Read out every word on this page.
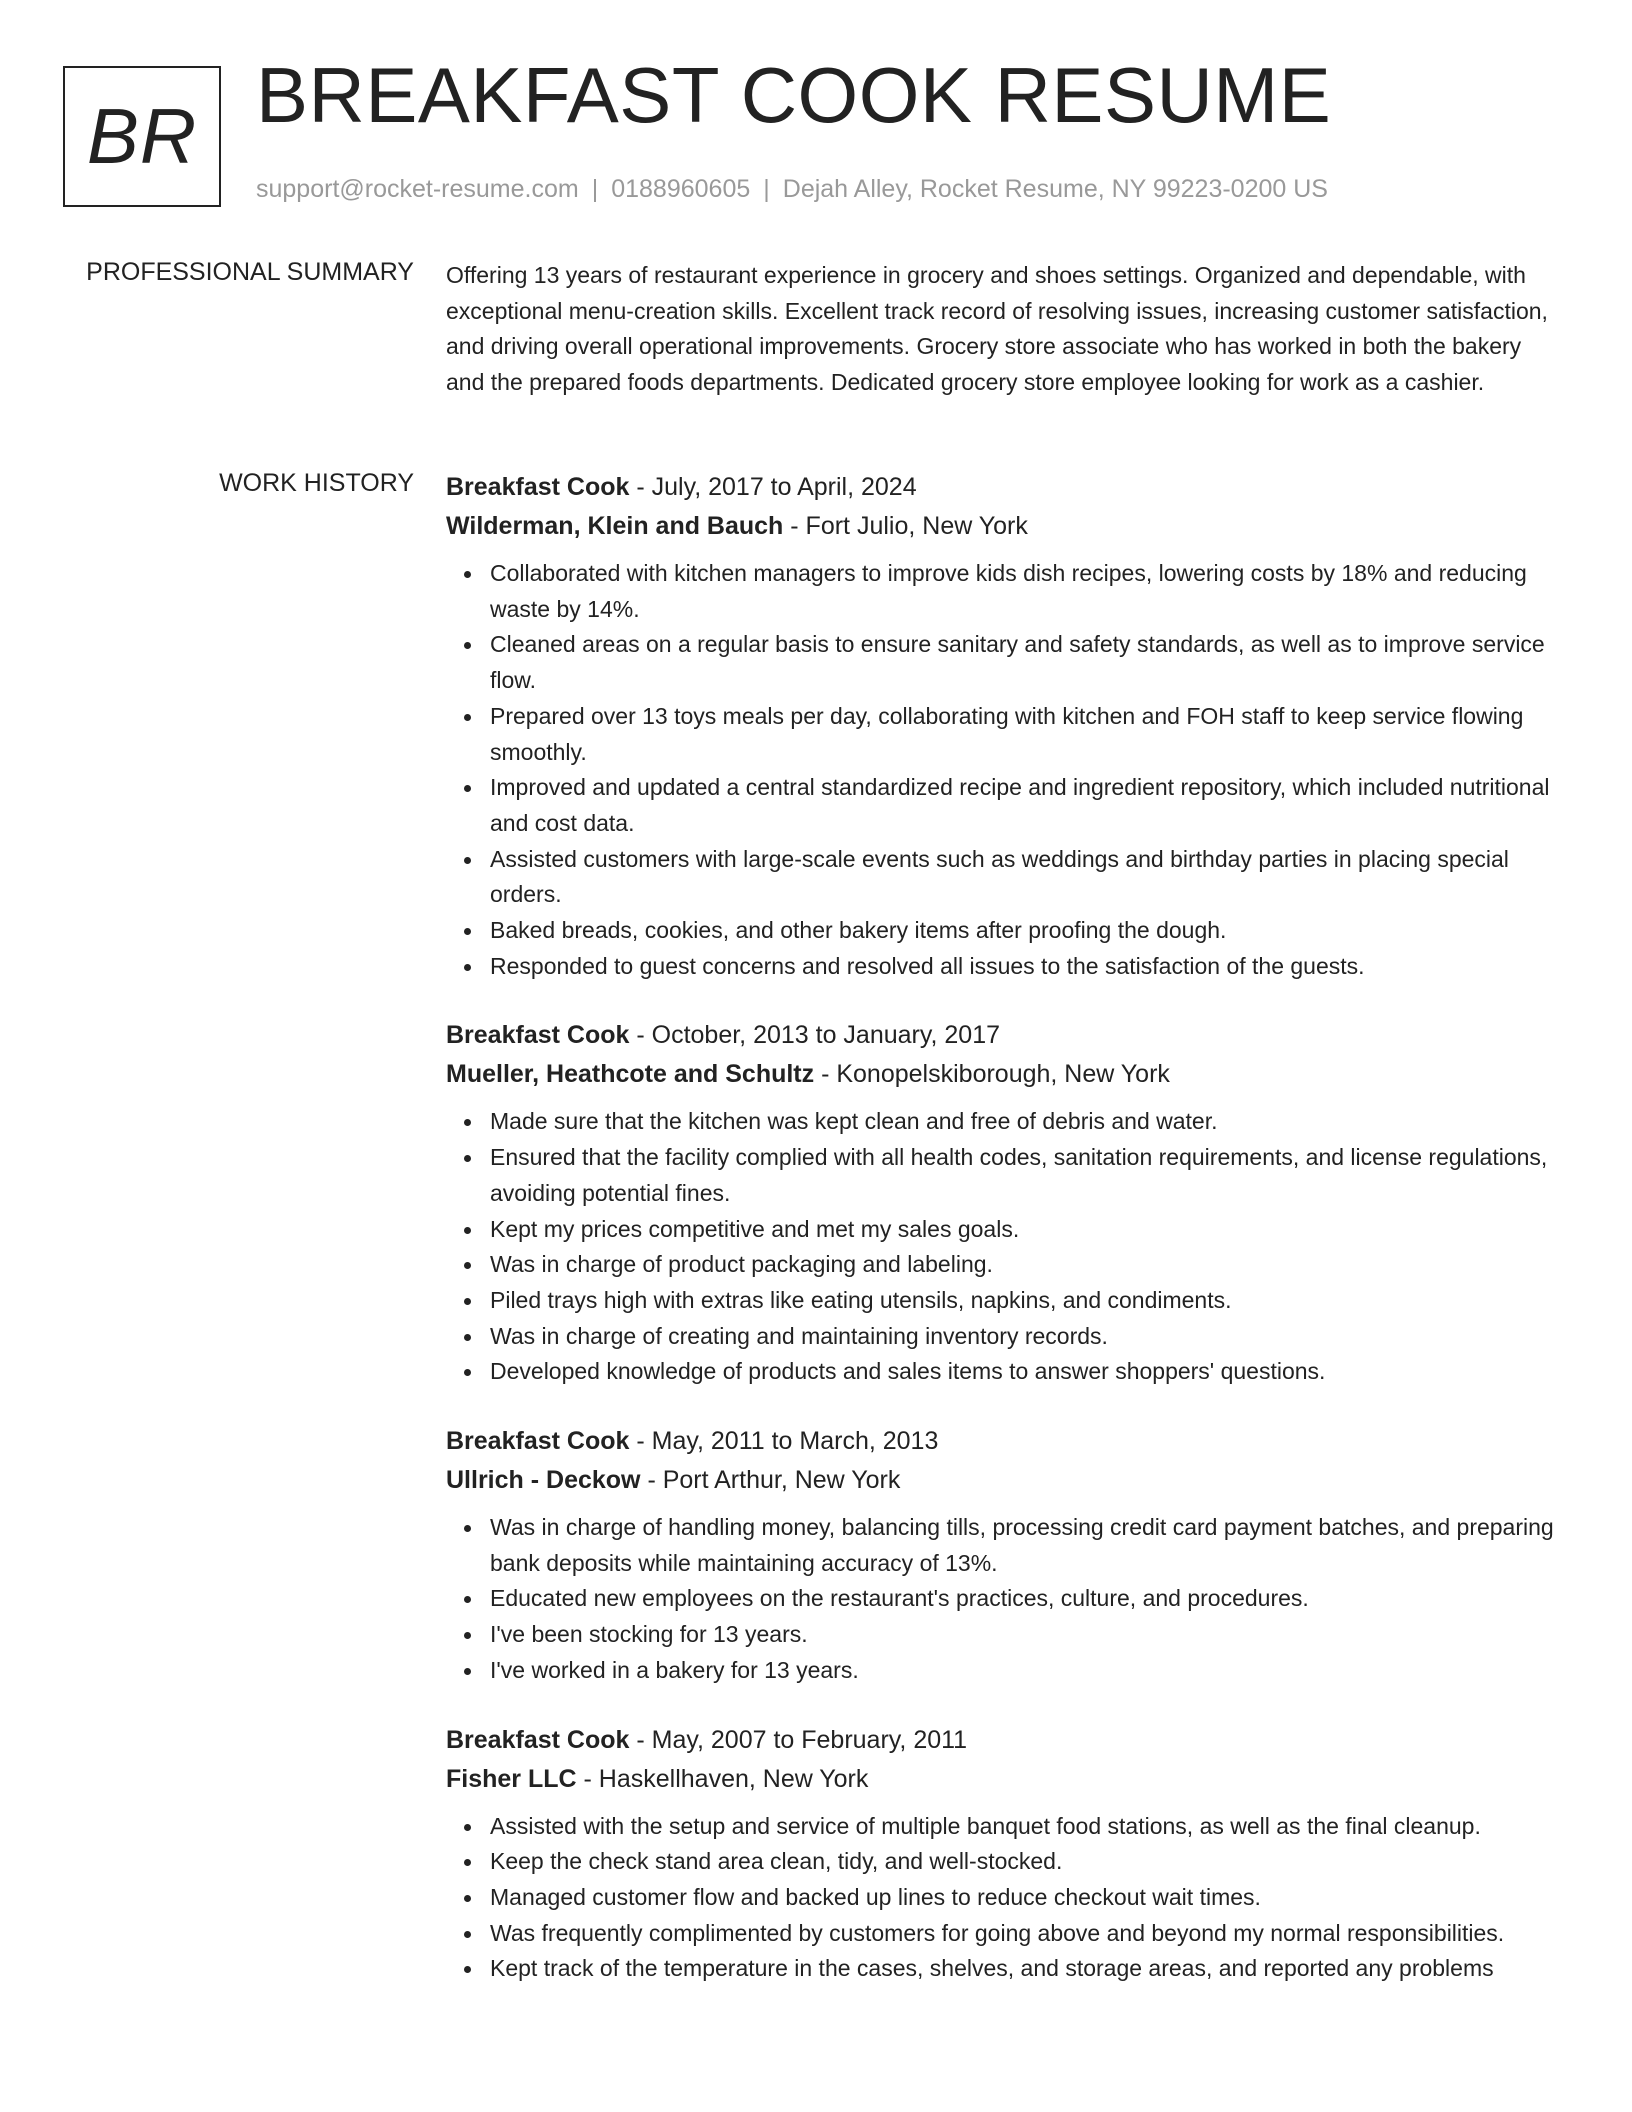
BR BREAKFAST COOK RESUME
support@rocket-resume.com | 0188960605 | Dejah Alley, Rocket Resume, NY 99223-0200 US
PROFESSIONAL SUMMARY Offering 13 years of restaurant experience in grocery and shoes settings. Organized and dependable, with exceptional menu-creation skills. Excellent track record of resolving issues, increasing customer satisfaction, and driving overall operational improvements. Grocery store associate who has worked in both the bakery and the prepared foods departments. Dedicated grocery store employee looking for work as a cashier.

WORK HISTORY Breakfast Cook - July, 2017 to April, 2024
Wilderman, Klein and Bauch - Fort Julio, New York
Collaborated with kitchen managers to improve kids dish recipes, lowering costs by 18% and reducing waste by 14%.
Cleaned areas on a regular basis to ensure sanitary and safety standards, as well as to improve service flow.
Prepared over 13 toys meals per day, collaborating with kitchen and FOH staff to keep service flowing smoothly.
Improved and updated a central standardized recipe and ingredient repository, which included nutritional and cost data.
Assisted customers with large-scale events such as weddings and birthday parties in placing special orders.
Baked breads, cookies, and other bakery items after proofing the dough.
Responded to guest concerns and resolved all issues to the satisfaction of the guests.
Breakfast Cook - October, 2013 to January, 2017
Mueller, Heathcote and Schultz - Konopelskiborough, New York
Made sure that the kitchen was kept clean and free of debris and water.
Ensured that the facility complied with all health codes, sanitation requirements, and license regulations, avoiding potential fines.
Kept my prices competitive and met my sales goals.
Was in charge of product packaging and labeling.
Piled trays high with extras like eating utensils, napkins, and condiments.
Was in charge of creating and maintaining inventory records.
Developed knowledge of products and sales items to answer shoppers' questions.
Breakfast Cook - May, 2011 to March, 2013
Ullrich - Deckow - Port Arthur, New York
Was in charge of handling money, balancing tills, processing credit card payment batches, and preparing bank deposits while maintaining accuracy of 13%.
Educated new employees on the restaurant's practices, culture, and procedures.
I've been stocking for 13 years.
I've worked in a bakery for 13 years.
Breakfast Cook - May, 2007 to February, 2011
Fisher LLC - Haskellhaven, New York
Assisted with the setup and service of multiple banquet food stations, as well as the final cleanup.
Keep the check stand area clean, tidy, and well-stocked.
Managed customer flow and backed up lines to reduce checkout wait times.
Was frequently complimented by customers for going above and beyond my normal responsibilities.
Kept track of the temperature in the cases, shelves, and storage areas, and reported any problems
